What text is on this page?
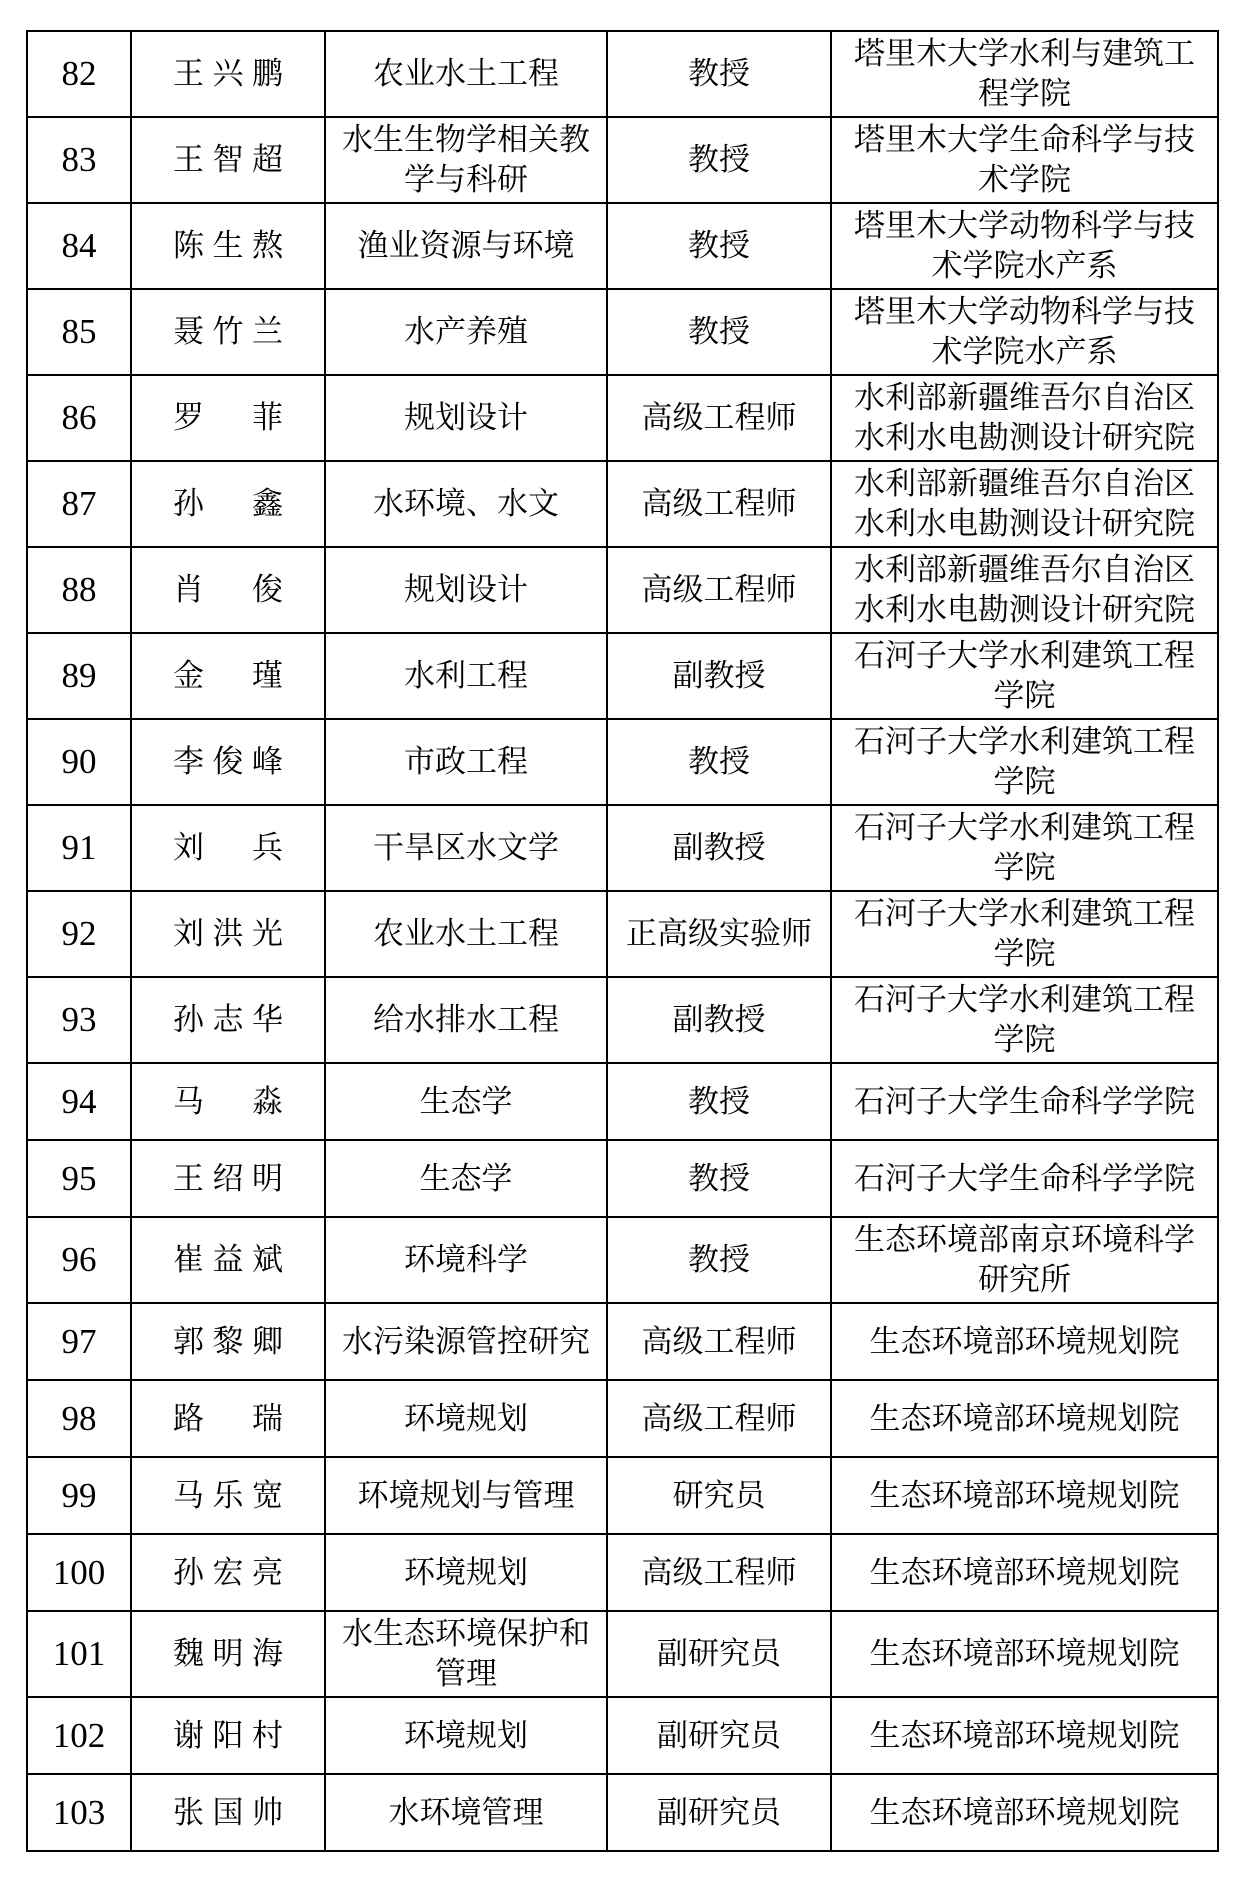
82	王兴鹏	农业水土工程	教授	塔里木大学水利与建筑工程学院
83	王智超	水生生物学相关教学与科研	教授	塔里木大学生命科学与技术学院
84	陈生熬	渔业资源与环境	教授	塔里木大学动物科学与技术学院水产系
85	聂竹兰	水产养殖	教授	塔里木大学动物科学与技术学院水产系
86	罗菲	规划设计	高级工程师	水利部新疆维吾尔自治区水利水电勘测设计研究院
87	孙鑫	水环境、水文	高级工程师	水利部新疆维吾尔自治区水利水电勘测设计研究院
88	肖俊	规划设计	高级工程师	水利部新疆维吾尔自治区水利水电勘测设计研究院
89	金瑾	水利工程	副教授	石河子大学水利建筑工程学院
90	李俊峰	市政工程	教授	石河子大学水利建筑工程学院
91	刘兵	干旱区水文学	副教授	石河子大学水利建筑工程学院
92	刘洪光	农业水土工程	正高级实验师	石河子大学水利建筑工程学院
93	孙志华	给水排水工程	副教授	石河子大学水利建筑工程学院
94	马淼	生态学	教授	石河子大学生命科学学院
95	王绍明	生态学	教授	石河子大学生命科学学院
96	崔益斌	环境科学	教授	生态环境部南京环境科学研究所
97	郭黎卿	水污染源管控研究	高级工程师	生态环境部环境规划院
98	路瑞	环境规划	高级工程师	生态环境部环境规划院
99	马乐宽	环境规划与管理	研究员	生态环境部环境规划院
100	孙宏亮	环境规划	高级工程师	生态环境部环境规划院
101	魏明海	水生态环境保护和管理	副研究员	生态环境部环境规划院
102	谢阳村	环境规划	副研究员	生态环境部环境规划院
103	张国帅	水环境管理	副研究员	生态环境部环境规划院
